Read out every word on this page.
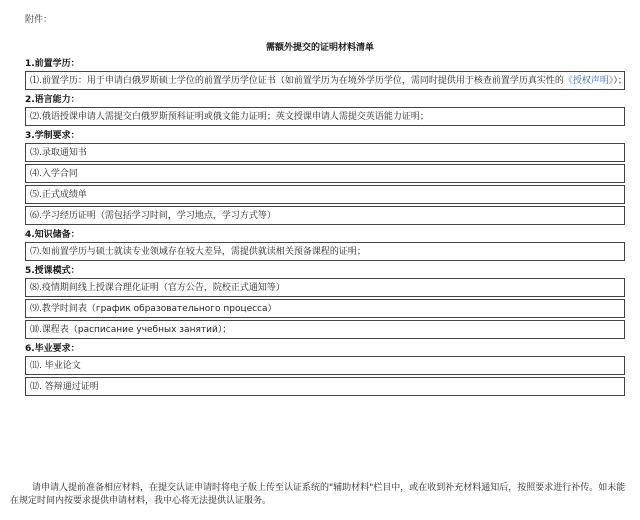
附件：
需额外提交的证明材料清单
1.前置学历：
⑴.前置学历：用于申请白俄罗斯硕士学位的前置学历学位证书（如前置学历为在境外学历学位，需同时提供用于核查前置学历真实性的《授权声明》）；
2.语言能力：
⑵.俄语授课申请人需提交白俄罗斯预科证明或俄文能力证明；英文授课申请人需提交英语能力证明；
3.学制要求：
⑶.录取通知书
⑷.入学合同
⑸.正式成绩单
⑹.学习经历证明（需包括学习时间，学习地点，学习方式等）
4.知识储备：
⑺.如前置学历与硕士就读专业领域存在较大差异，需提供就读相关预备课程的证明；
5.授课模式：
⑻.疫情期间线上授课合理化证明（官方公告，院校正式通知等）
⑼.教学时间表（график образовательного процесса）
⑽.课程表（расписание учебных занятий）；
6.毕业要求：
⑾. 毕业论文
⑿. 答辩通过证明

请申请人提前准备相应材料，在提交认证申请时将电子版上传至认证系统的"辅助材料"栏目中，或在收到补充材料通知后，按照要求进行补传。如未能在规定时间内按要求提供申请材料，我中心将无法提供认证服务。
